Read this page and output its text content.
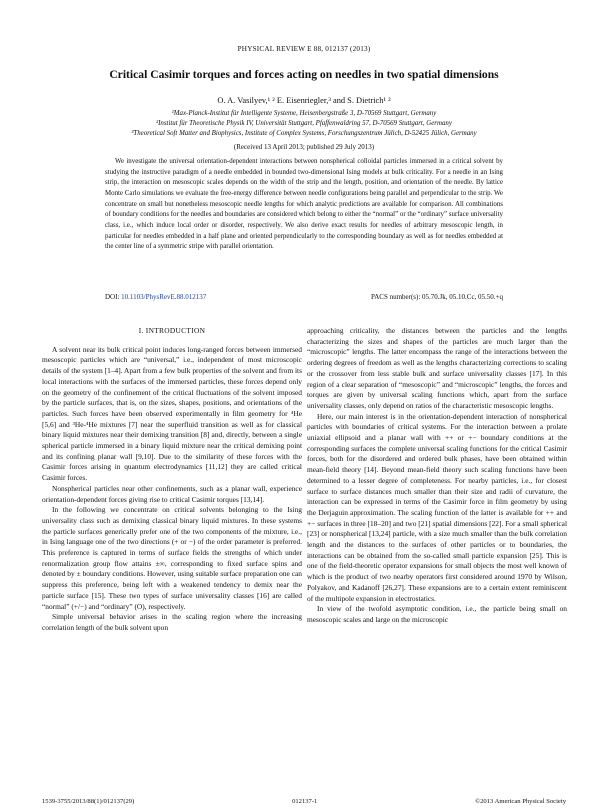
PHYSICAL REVIEW E 88, 012137 (2013)
Critical Casimir torques and forces acting on needles in two spatial dimensions
O. A. Vasilyev,¹ ² E. Eisenriegler,³ and S. Dietrich¹ ²
¹Max-Planck-Institut für Intelligente Systeme, Heisenbergstraße 3, D-70569 Stuttgart, Germany
²Institut für Theoretische Physik IV, Universität Stuttgart, Pfaffenwaldring 57, D-70569 Stuttgart, Germany
³Theoretical Soft Matter and Biophysics, Institute of Complex Systems, Forschungszentrum Jülich, D-52425 Jülich, Germany
(Received 13 April 2013; published 29 July 2013)
We investigate the universal orientation-dependent interactions between nonspherical colloidal particles immersed in a critical solvent by studying the instructive paradigm of a needle embedded in bounded two-dimensional Ising models at bulk criticality. For a needle in an Ising strip, the interaction on mesoscopic scales depends on the width of the strip and the length, position, and orientation of the needle. By lattice Monte Carlo simulations we evaluate the free-energy difference between needle configurations being parallel and perpendicular to the strip. We concentrate on small but nonetheless mesoscopic needle lengths for which analytic predictions are available for comparison. All combinations of boundary conditions for the needles and boundaries are considered which belong to either the “normal” or the “ordinary” surface universality class, i.e., which induce local order or disorder, respectively. We also derive exact results for needles of arbitrary mesoscopic length, in particular for needles embedded in a half plane and oriented perpendicularly to the corresponding boundary as well as for needles embedded at the center line of a symmetric stripe with parallel orientation.
DOI: 10.1103/PhysRevE.88.012137	PACS number(s): 05.70.Jk, 05.10.Cc, 05.50.+q
I. INTRODUCTION

A solvent near its bulk critical point induces long-ranged forces between immersed mesoscopic particles which are “universal,” i.e., independent of most microscopic details of the system [1–4]. Apart from a few bulk properties of the solvent and from its local interactions with the surfaces of the immersed particles, these forces depend only on the geometry of the confinement of the critical fluctuations of the solvent imposed by the particle surfaces, that is, on the sizes, shapes, positions, and orientations of the particles. Such forces have been observed experimentally in film geometry for ⁴He [5,6] and ³He-⁴He mixtures [7] near the superfluid transition as well as for classical binary liquid mixtures near their demixing transition [8] and, directly, between a single spherical particle immersed in a binary liquid mixture near the critical demixing point and its confining planar wall [9,10]. Due to the similarity of these forces with the Casimir forces arising in quantum electrodynamics [11,12] they are called critical Casimir forces.

Nonspherical particles near other confinements, such as a planar wall, experience orientation-dependent forces giving rise to critical Casimir torques [13,14].

In the following we concentrate on critical solvents belonging to the Ising universality class such as demixing classical binary liquid mixtures. In these systems the particle surfaces generically prefer one of the two components of the mixture, i.e., in Ising language one of the two directions (+ or −) of the order parameter is preferred. This preference is captured in terms of surface fields the strengths of which under renormalization group flow attains ±∞, corresponding to fixed surface spins and denoted by ± boundary conditions. However, using suitable surface preparation one can suppress this preference, being left with a weakened tendency to demix near the particle surface [15]. These two types of surface universality classes [16] are called “normal” (+/−) and “ordinary” (O), respectively.

Simple universal behavior arises in the scaling region where the increasing correlation length of the bulk solvent upon

approaching criticality, the distances between the particles and the lengths characterizing the sizes and shapes of the particles are much larger than the “microscopic” lengths. The latter encompass the range of the interactions between the ordering degrees of freedom as well as the lengths characterizing corrections to scaling or the crossover from less stable bulk and surface universality classes [17]. In this region of a clear separation of “mesoscopic” and “microscopic” lengths, the forces and torques are given by universal scaling functions which, apart from the surface universality classes, only depend on ratios of the characteristic mesoscopic lengths.

Here, our main interest is in the orientation-dependent interaction of nonspherical particles with boundaries of critical systems. For the interaction between a prolate uniaxial ellipsoid and a planar wall with ++ or +− boundary conditions at the corresponding surfaces the complete universal scaling functions for the critical Casimir forces, both for the disordered and ordered bulk phases, have been obtained within mean-field theory [14]. Beyond mean-field theory such scaling functions have been determined to a lesser degree of completeness. For nearby particles, i.e., for closest surface to surface distances much smaller than their size and radii of curvature, the interaction can be expressed in terms of the Casimir force in film geometry by using the Derjaguin approximation. The scaling function of the latter is available for ++ and +− surfaces in three [18–20] and two [21] spatial dimensions [22]. For a small spherical [23] or nonspherical [13,24] particle, with a size much smaller than the bulk correlation length and the distances to the surfaces of other particles or to boundaries, the interactions can be obtained from the so-called small particle expansion [25]. This is one of the field-theoretic operator expansions for small objects the most well known of which is the product of two nearby operators first considered around 1970 by Wilson, Polyakov, and Kadanoff [26,27]. These expansions are to a certain extent reminiscent of the multipole expansion in electrostatics.

In view of the twofold asymptotic condition, i.e., the particle being small on mesoscopic scales and large on the microscopic

1539-3755/2013/88(1)/012137(29)	012137-1	©2013 American Physical Society
